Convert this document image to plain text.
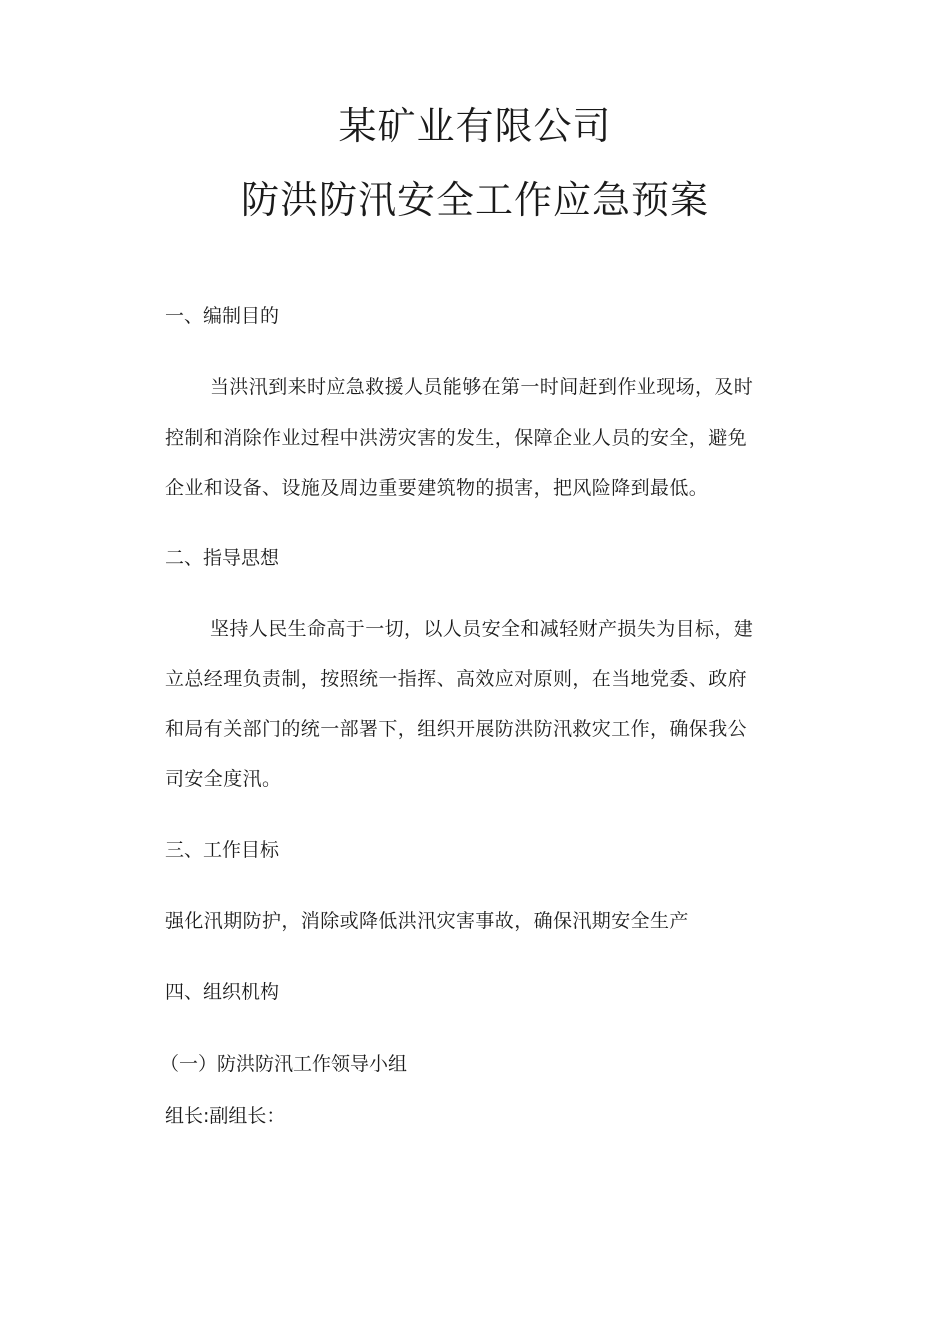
某矿业有限公司
防洪防汛安全工作应急预案
一、编制目的
当洪汛到来时应急救援人员能够在第一时间赶到作业现场，及时
控制和消除作业过程中洪涝灾害的发生，保障企业人员的安全，避免
企业和设备、设施及周边重要建筑物的损害，把风险降到最低。
二、指导思想
坚持人民生命高于一切，以人员安全和减轻财产损失为目标，建
立总经理负责制，按照统一指挥、高效应对原则，在当地党委、政府
和局有关部门的统一部署下，组织开展防洪防汛救灾工作，确保我公
司安全度汛。
三、工作目标
强化汛期防护，消除或降低洪汛灾害事故，确保汛期安全生产
四、组织机构
（一）防洪防汛工作领导小组
组长:副组长：
